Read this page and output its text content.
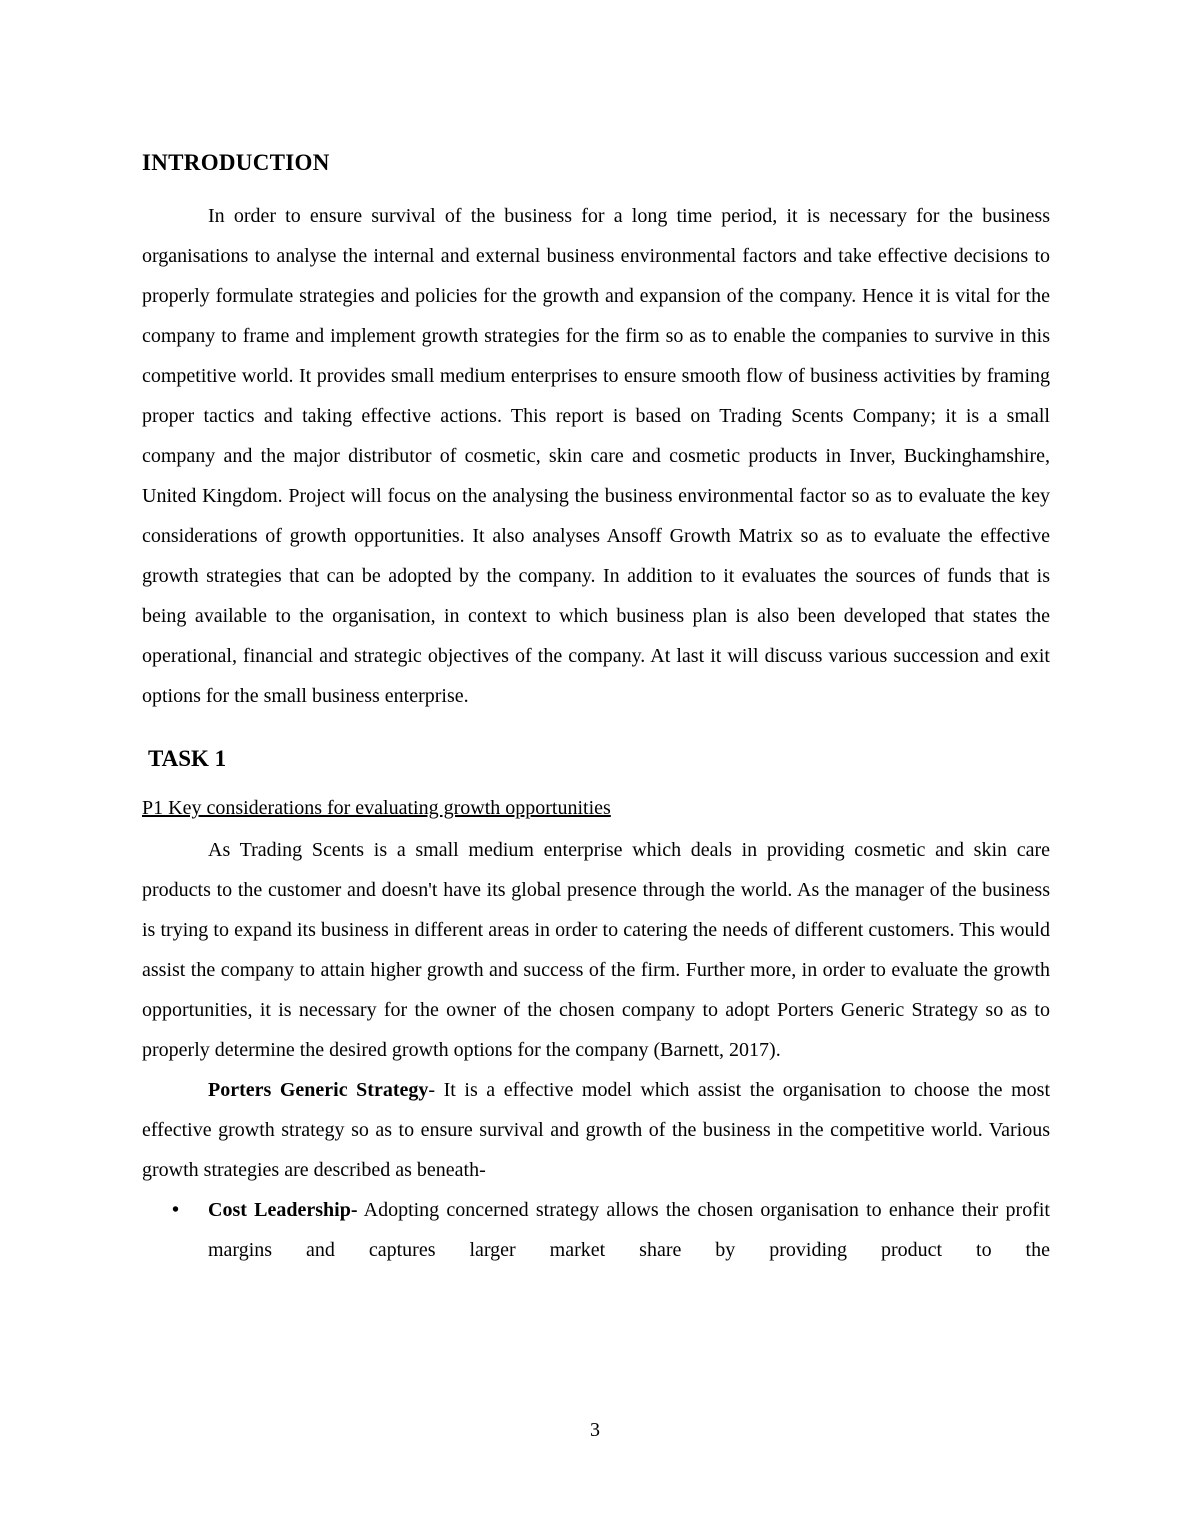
INTRODUCTION

In order to ensure survival of the business for a long time period, it is necessary for the business organisations to analyse the internal and external business environmental factors and take effective decisions to properly formulate strategies and policies for the growth and expansion of the company. Hence it is vital for the company to frame and implement growth strategies for the firm so as to enable the companies to survive in this competitive world. It provides small medium enterprises to ensure smooth flow of business activities by framing proper tactics and taking effective actions. This report is based on Trading Scents Company; it is a small company and the major distributor of cosmetic, skin care and cosmetic products in Inver, Buckinghamshire, United Kingdom. Project will focus on the analysing the business environmental factor so as to evaluate the key considerations of growth opportunities. It also analyses Ansoff Growth Matrix so as to evaluate the effective growth strategies that can be adopted by the company. In addition to it evaluates the sources of funds that is being available to the organisation, in context to which business plan is also been developed that states the operational, financial and strategic objectives of the company. At last it will discuss various succession and exit options for the small business enterprise.

TASK 1
P1 Key considerations for evaluating growth opportunities

As Trading Scents is a small medium enterprise which deals in providing cosmetic and skin care products to the customer and doesn't have its global presence through the world. As the manager of the business is trying to expand its business in different areas in order to catering the needs of different customers. This would assist the company to attain higher growth and success of the firm. Further more, in order to evaluate the growth opportunities, it is necessary for the owner of the chosen company to adopt Porters Generic Strategy so as to properly determine the desired growth options for the company (Barnett, 2017).

Porters Generic Strategy- It is a effective model which assist the organisation to choose the most effective growth strategy so as to ensure survival and growth of the business in the competitive world. Various growth strategies are described as beneath-

• Cost Leadership- Adopting concerned strategy allows the chosen organisation to enhance their profit margins and captures larger market share by providing product to the
3
